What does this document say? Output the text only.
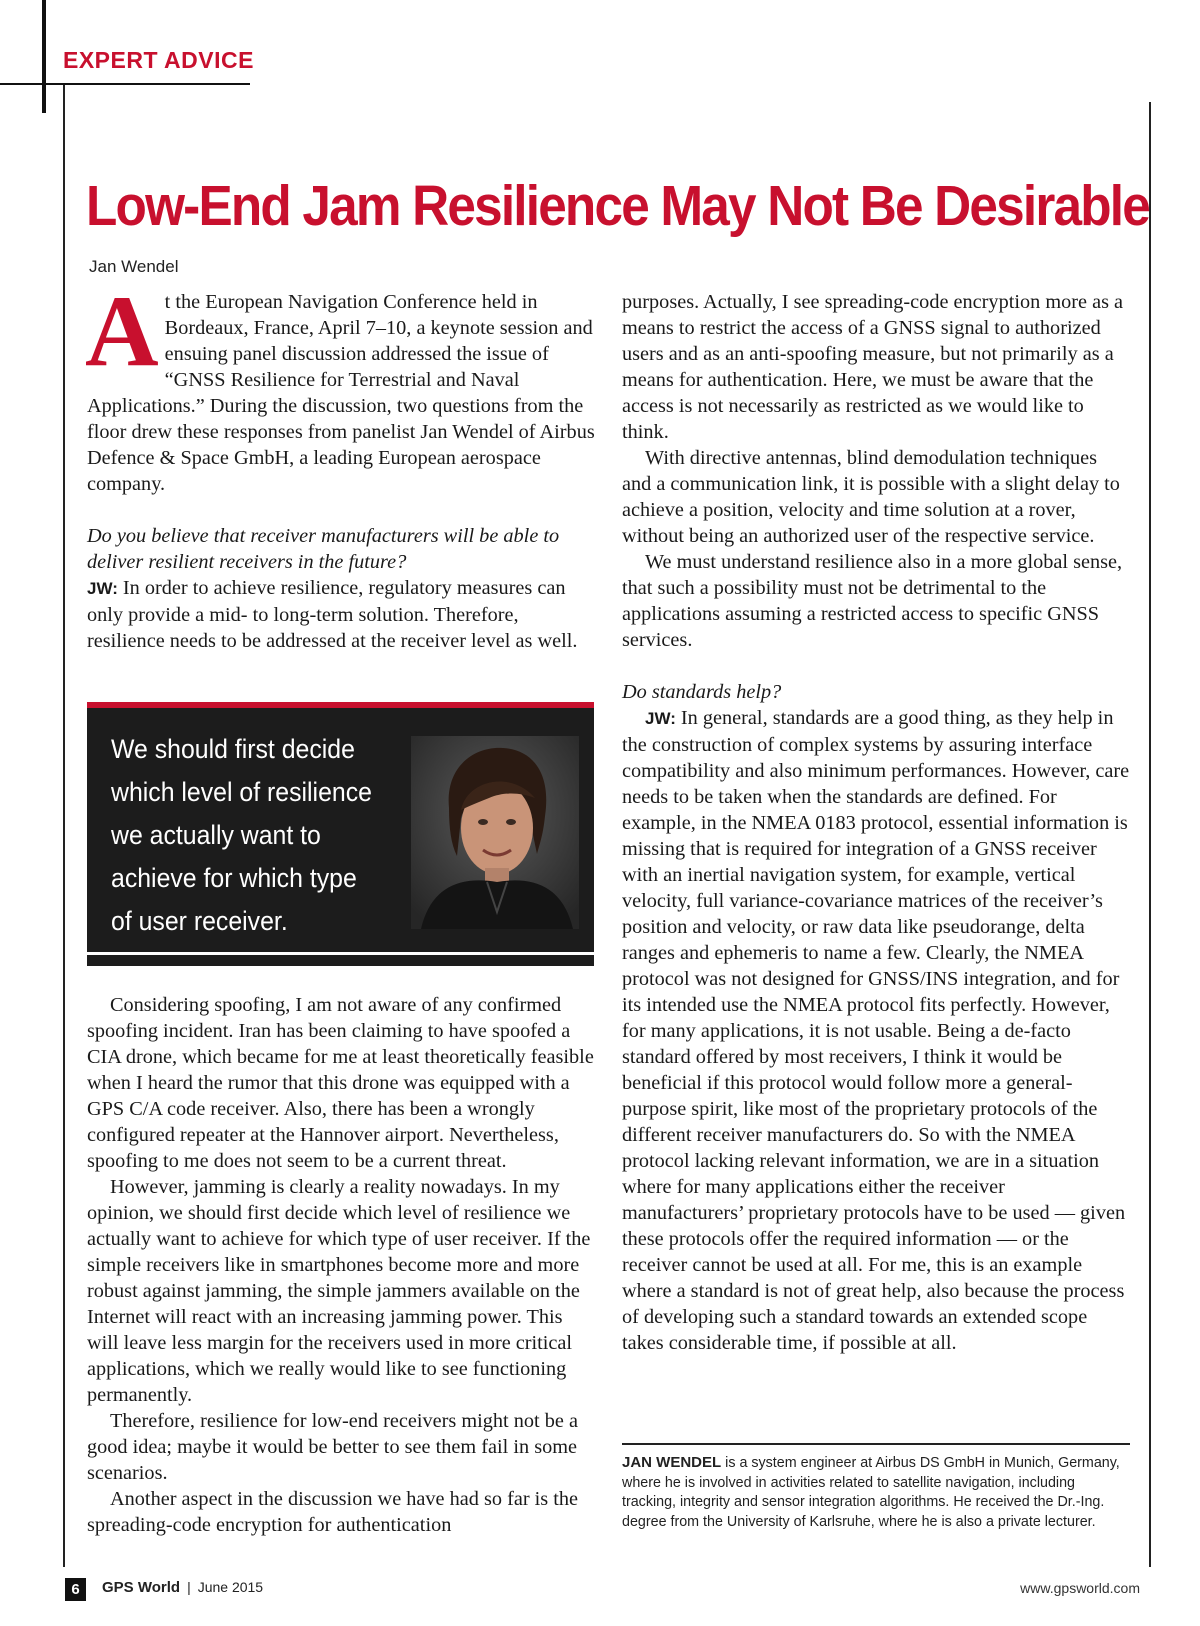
EXPERT ADVICE
Low-End Jam Resilience May Not Be Desirable
Jan Wendel

At the European Navigation Conference held in Bordeaux, France, April 7–10, a keynote session and ensuing panel discussion addressed the issue of “GNSS Resilience for Terrestrial and Naval Applications.” During the discussion, two questions from the floor drew these responses from panelist Jan Wendel of Airbus Defence & Space GmbH, a leading European aerospace company.

Do you believe that receiver manufacturers will be able to deliver resilient receivers in the future?

JW: In order to achieve resilience, regulatory measures can only provide a mid- to long-term solution. Therefore, resilience needs to be addressed at the receiver level as well.

We should first decide which level of resilience we actually want to achieve for which type of user receiver.

Considering spoofing, I am not aware of any confirmed spoofing incident. Iran has been claiming to have spoofed a CIA drone, which became for me at least theoretically feasible when I heard the rumor that this drone was equipped with a GPS C/A code receiver. Also, there has been a wrongly configured repeater at the Hannover airport. Nevertheless, spoofing to me does not seem to be a current threat.

However, jamming is clearly a reality nowadays. In my opinion, we should first decide which level of resilience we actually want to achieve for which type of user receiver. If the simple receivers like in smartphones become more and more robust against jamming, the simple jammers available on the Internet will react with an increasing jamming power. This will leave less margin for the receivers used in more critical applications, which we really would like to see functioning permanently.

Therefore, resilience for low-end receivers might not be a good idea; maybe it would be better to see them fail in some scenarios.

Another aspect in the discussion we have had so far is the spreading-code encryption for authentication

purposes. Actually, I see spreading-code encryption more as a means to restrict the access of a GNSS signal to authorized users and as an anti-spoofing measure, but not primarily as a means for authentication. Here, we must be aware that the access is not necessarily as restricted as we would like to think.

With directive antennas, blind demodulation techniques and a communication link, it is possible with a slight delay to achieve a position, velocity and time solution at a rover, without being an authorized user of the respective service.

We must understand resilience also in a more global sense, that such a possibility must not be detrimental to the applications assuming a restricted access to specific GNSS services.

Do standards help?

JW: In general, standards are a good thing, as they help in the construction of complex systems by assuring interface compatibility and also minimum performances. However, care needs to be taken when the standards are defined. For example, in the NMEA 0183 protocol, essential information is missing that is required for integration of a GNSS receiver with an inertial navigation system, for example, vertical velocity, full variance-covariance matrices of the receiver’s position and velocity, or raw data like pseudorange, delta ranges and ephemeris to name a few. Clearly, the NMEA protocol was not designed for GNSS/INS integration, and for its intended use the NMEA protocol fits perfectly. However, for many applications, it is not usable. Being a de-facto standard offered by most receivers, I think it would be beneficial if this protocol would follow more a general-purpose spirit, like most of the proprietary protocols of the different receiver manufacturers do. So with the NMEA protocol lacking relevant information, we are in a situation where for many applications either the receiver manufacturers’ proprietary protocols have to be used — given these protocols offer the required information — or the receiver cannot be used at all. For me, this is an example where a standard is not of great help, also because the process of developing such a standard towards an extended scope takes considerable time, if possible at all.

JAN WENDEL is a system engineer at Airbus DS GmbH in Munich, Germany, where he is involved in activities related to satellite navigation, including tracking, integrity and sensor integration algorithms. He received the Dr.-Ing. degree from the University of Karlsruhe, where he is also a private lecturer.
6	GPS World | June 2015	www.gpsworld.com
